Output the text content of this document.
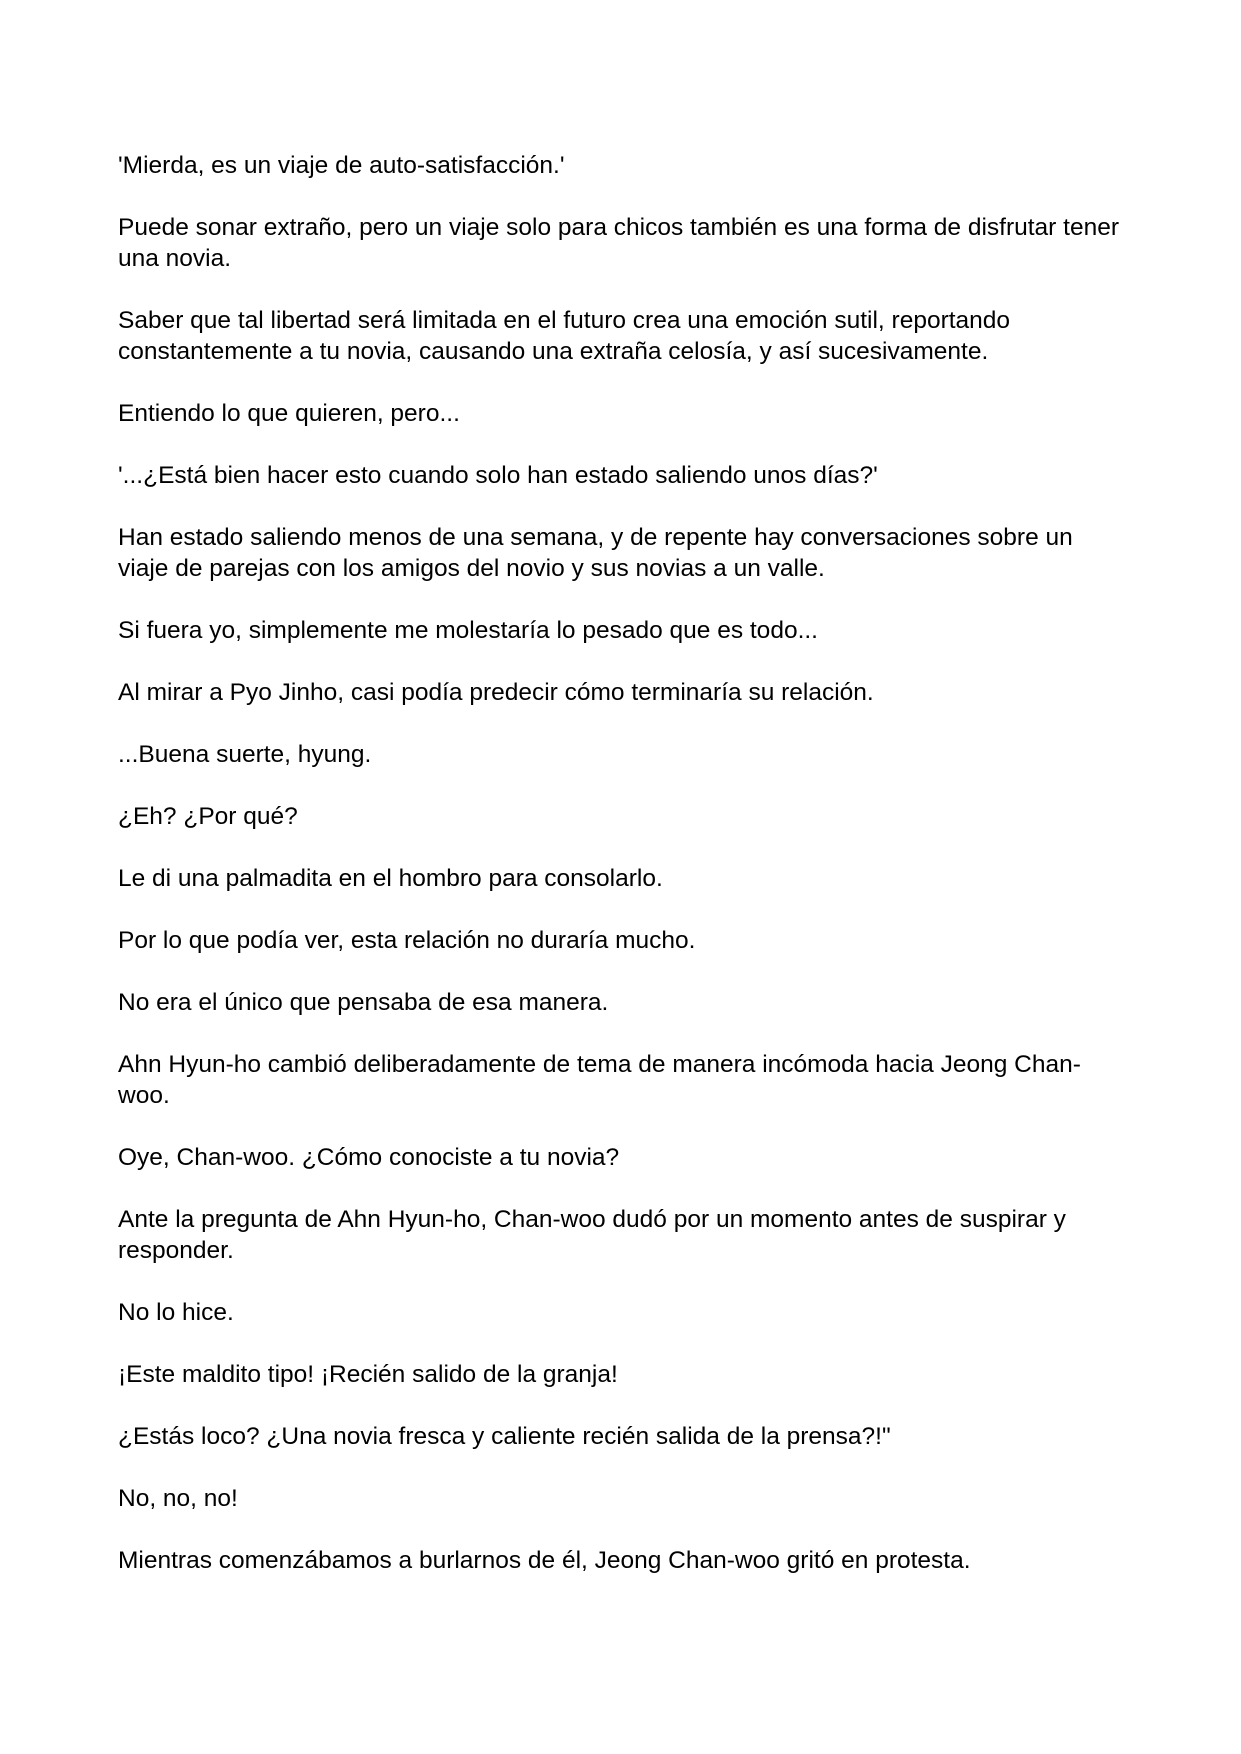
'Mierda, es un viaje de auto-satisfacción.'

Puede sonar extraño, pero un viaje solo para chicos también es una forma de disfrutar tener una novia.

Saber que tal libertad será limitada en el futuro crea una emoción sutil, reportando constantemente a tu novia, causando una extraña celosía, y así sucesivamente.

Entiendo lo que quieren, pero...

'...¿Está bien hacer esto cuando solo han estado saliendo unos días?'

Han estado saliendo menos de una semana, y de repente hay conversaciones sobre un viaje de parejas con los amigos del novio y sus novias a un valle.

Si fuera yo, simplemente me molestaría lo pesado que es todo...

Al mirar a Pyo Jinho, casi podía predecir cómo terminaría su relación.

...Buena suerte, hyung.

¿Eh? ¿Por qué?

Le di una palmadita en el hombro para consolarlo.

Por lo que podía ver, esta relación no duraría mucho.

No era el único que pensaba de esa manera.

Ahn Hyun-ho cambió deliberadamente de tema de manera incómoda hacia Jeong Chan-woo.

Oye, Chan-woo. ¿Cómo conociste a tu novia?

Ante la pregunta de Ahn Hyun-ho, Chan-woo dudó por un momento antes de suspirar y responder.

No lo hice.

¡Este maldito tipo! ¡Recién salido de la granja!

¿Estás loco? ¿Una novia fresca y caliente recién salida de la prensa?!"

No, no, no!

Mientras comenzábamos a burlarnos de él, Jeong Chan-woo gritó en protesta.
